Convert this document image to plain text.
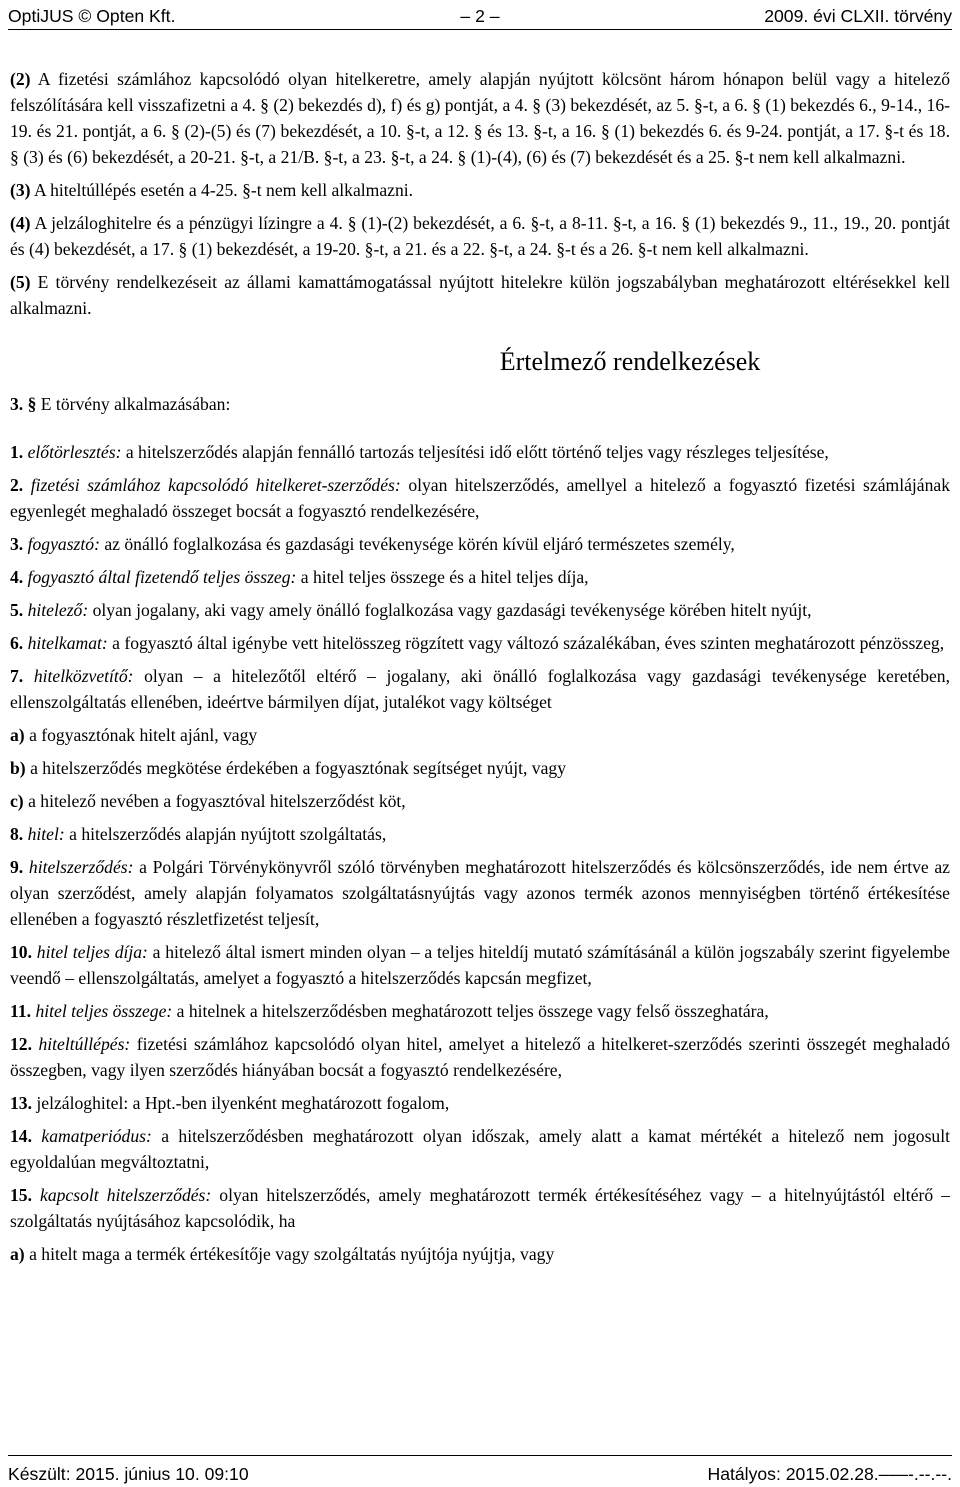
OptiJUS © Opten Kft.	– 2 –	2009. évi CLXII. törvény

(2) A fizetési számlához kapcsolódó olyan hitelkeretre, amely alapján nyújtott kölcsönt három hónapon belül vagy a hitelező felszólítására kell visszafizetni a 4. § (2) bekezdés d), f) és g) pontját, a 4. § (3) bekezdését, az 5. §-t, a 6. § (1) bekezdés 6., 9-14., 16-19. és 21. pontját, a 6. § (2)-(5) és (7) bekezdését, a 10. §-t, a 12. § és 13. §-t, a 16. § (1) bekezdés 6. és 9-24. pontját, a 17. §-t és 18. § (3) és (6) bekezdését, a 20-21. §-t, a 21/B. §-t, a 23. §-t, a 24. § (1)-(4), (6) és (7) bekezdését és a 25. §-t nem kell alkalmazni.

(3) A hiteltúllépés esetén a 4-25. §-t nem kell alkalmazni.

(4) A jelzáloghitelre és a pénzügyi lízingre a 4. § (1)-(2) bekezdését, a 6. §-t, a 8-11. §-t, a 16. § (1) bekezdés 9., 11., 19., 20. pontját és (4) bekezdését, a 17. § (1) bekezdését, a 19-20. §-t, a 21. és a 22. §-t, a 24. §-t és a 26. §-t nem kell alkalmazni.

(5) E törvény rendelkezéseit az állami kamattámogatással nyújtott hitelekre külön jogszabályban meghatározott eltérésekkel kell alkalmazni.

Értelmező rendelkezések

3. § E törvény alkalmazásában:

1. előtörlesztés: a hitelszerződés alapján fennálló tartozás teljesítési idő előtt történő teljes vagy részleges teljesítése,

2. fizetési számlához kapcsolódó hitelkeret-szerződés: olyan hitelszerződés, amellyel a hitelező a fogyasztó fizetési számlájának egyenlegét meghaladó összeget bocsát a fogyasztó rendelkezésére,

3. fogyasztó: az önálló foglalkozása és gazdasági tevékenysége körén kívül eljáró természetes személy,

4. fogyasztó által fizetendő teljes összeg: a hitel teljes összege és a hitel teljes díja,

5. hitelező: olyan jogalany, aki vagy amely önálló foglalkozása vagy gazdasági tevékenysége körében hitelt nyújt,

6. hitelkamat: a fogyasztó által igénybe vett hitelösszeg rögzített vagy változó százalékában, éves szinten meghatározott pénzösszeg,

7. hitelközvetítő: olyan – a hitelezőtől eltérő – jogalany, aki önálló foglalkozása vagy gazdasági tevékenysége keretében, ellenszolgáltatás ellenében, ideértve bármilyen díjat, jutalékot vagy költséget

a) a fogyasztónak hitelt ajánl, vagy

b) a hitelszerződés megkötése érdekében a fogyasztónak segítséget nyújt, vagy

c) a hitelező nevében a fogyasztóval hitelszerződést köt,

8. hitel: a hitelszerződés alapján nyújtott szolgáltatás,

9. hitelszerződés: a Polgári Törvénykönyvről szóló törvényben meghatározott hitelszerződés és kölcsönszerződés, ide nem értve az olyan szerződést, amely alapján folyamatos szolgáltatásnyújtás vagy azonos termék azonos mennyiségben történő értékesítése ellenében a fogyasztó részletfizetést teljesít,

10. hitel teljes díja: a hitelező által ismert minden olyan – a teljes hiteldíj mutató számításánál a külön jogszabály szerint figyelembe veendő – ellenszolgáltatás, amelyet a fogyasztó a hitelszerződés kapcsán megfizet,

11. hitel teljes összege: a hitelnek a hitelszerződésben meghatározott teljes összege vagy felső összeghatára,

12. hiteltúllépés: fizetési számlához kapcsolódó olyan hitel, amelyet a hitelező a hitelkeret-szerződés szerinti összegét meghaladó összegben, vagy ilyen szerződés hiányában bocsát a fogyasztó rendelkezésére,

13. jelzáloghitel: a Hpt.-ben ilyenként meghatározott fogalom,

14. kamatperiódus: a hitelszerződésben meghatározott olyan időszak, amely alatt a kamat mértékét a hitelező nem jogosult egyoldalúan megváltoztatni,

15. kapcsolt hitelszerződés: olyan hitelszerződés, amely meghatározott termék értékesítéséhez vagy – a hitelnyújtástól eltérő – szolgáltatás nyújtásához kapcsolódik, ha

a) a hitelt maga a termék értékesítője vagy szolgáltatás nyújtója nyújtja, vagy

Készült: 2015. június 10. 09:10	Hatályos: 2015.02.28.–––-.--.--.
